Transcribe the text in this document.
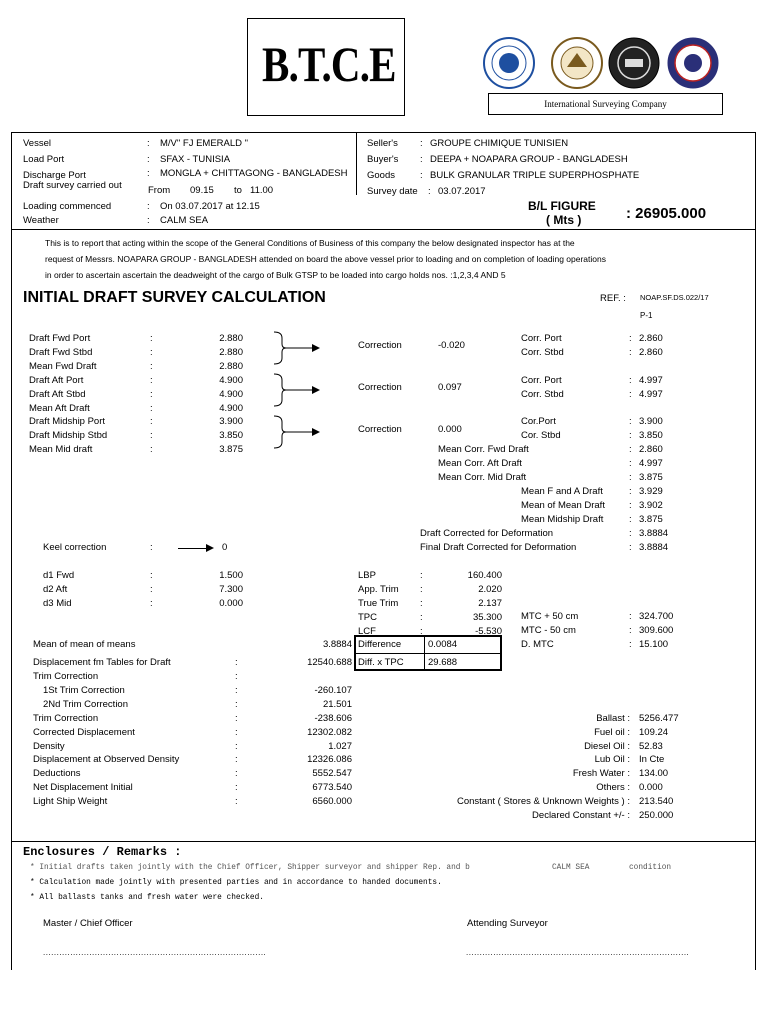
B.T.C.E
International Surveying Company
Vessel	: M/V" FJ EMERALD "
Load Port	: SFAX - TUNISIA
Discharge Port	: MONGLA + CHITTAGONG - BANGLADESH
Draft survey carried out	From 09.15 to 11.00
Loading commenced	: On 03.07.2017 at 12.15
Weather	: CALM SEA
Seller's : GROUPE CHIMIQUE TUNISIEN
Buyer's : DEEPA + NOAPARA GROUP - BANGLADESH
Goods	: BULK GRANULAR TRIPLE SUPERPHOSPHATE
Survey date : 03.07.2017
B/L FIGURE
( Mts )	: 26905.000
This is to report that acting within the scope of the General Conditions of Business of this company the below designated inspector has at the
request of Messrs. NOAPARA GROUP - BANGLADESH attended on board the above vessel prior to loading and on completion of loading operations
in order to ascertain ascertain the deadweight of the cargo of Bulk GTSP to be loaded into cargo holds nos. :1,2,3,4 AND 5
INITIAL DRAFT SURVEY CALCULATION	REF. : NOAP.SF.DS.022/17
P-1
Draft Fwd Port	:	2.880
Draft Fwd Stbd	:	2.880
Mean Fwd Draft	:	2.880
Draft Aft Port	:	4.900
Draft Aft Stbd	:	4.900
Mean Aft Draft	:	4.900
Draft Midship Port	:	3.900
Draft Midship Stbd	:	3.850
Mean Mid draft	:	3.875
Correction	-0.020
Correction	0.097
Correction	0.000
Corr. Port	: 2.860
Corr. Stbd	: 2.860
Corr. Port	: 4.997
Corr. Stbd	: 4.997
Cor.Port	: 3.900
Cor. Stbd	: 3.850
Mean Corr. Fwd Draft	: 2.860
Mean Corr. Aft Draft	: 4.997
Mean Corr. Mid Draft	: 3.875
Mean F and A Draft	: 3.929
Mean of Mean Draft	: 3.902
Mean Midship Draft	: 3.875
Draft Corrected for Deformation	: 3.8884
Final Draft Corrected for Deformation	: 3.8884
Keel correction	:	0
d1 Fwd	:	1.500
d2 Aft	:	7.300
d3 Mid	:	0.000
LBP	:	160.400
App. Trim :	2.020
True Trim :	2.137
TPC	:	35.300
LCF	:	-5.530
MTC + 50 cm	: 324.700
MTC - 50 cm	: 309.600
D. MTC	: 15.100
Mean of mean of means	3.8884 Difference	0.0084
Diff. x TPC	29.688
Displacement fm Tables for Draft	:	12540.688
Trim Correction	:
1St Trim Correction	:	-260.107
2Nd Trim Correction	:	21.501
Trim Correction	:	-238.606
Corrected Displacement	:	12302.082
Density	:	1.027
Displacement at Observed Density	:	12326.086
Deductions	:	5552.547
Net Displacement Initial	:	6773.540
Light Ship Weight	:	6560.000
Ballast : 5256.477
Fuel oil : 109.24
Diesel Oil : 52.83
Lub Oil : In Cte
Fresh Water : 134.00
Others : 0.000
Constant ( Stores & Unknown Weights ) : 213.540
Declared Constant +/- : 250.000
Enclosures / Remarks :
* Initial drafts taken jointly with the Chief Officer, Shipper surveyor and shipper Rep. and b	CALM SEA	condition
* Calculation made jointly with presented parties and in accordance to handed documents.
* All ballasts tanks and fresh water were checked.
Master / Chief Officer	Attending Surveyor
..................................................................................	..................................................................................
